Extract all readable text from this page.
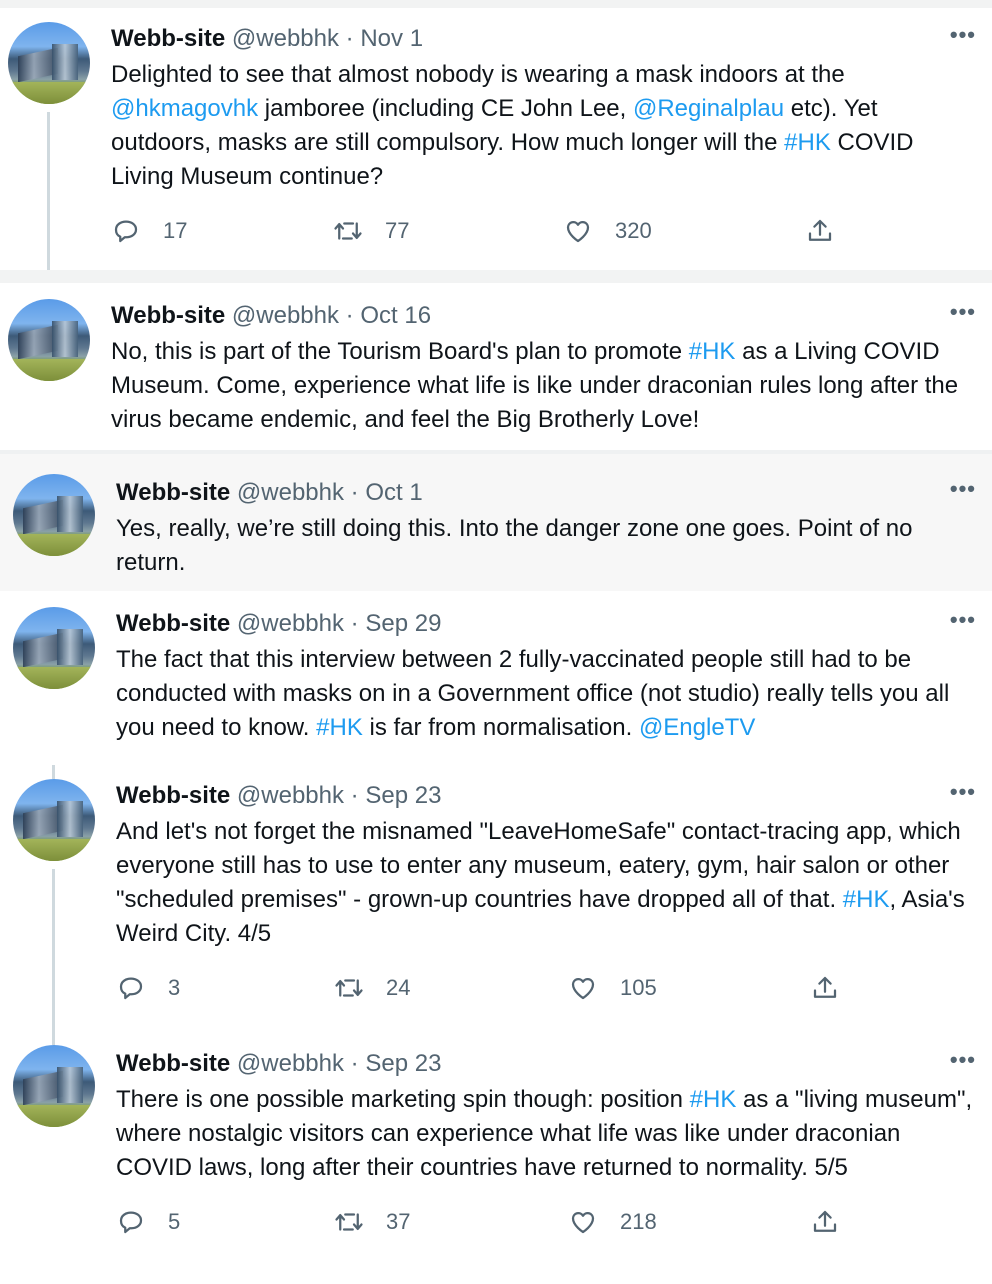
Webb-site @webbhk · Nov 1	•••
Delighted to see that almost nobody is wearing a mask indoors at the @hkmagovhk jamboree (including CE John Lee, @Reginalplau etc). Yet outdoors, masks are still compulsory. How much longer will the #HK COVID Living Museum continue?
17	77	320
Webb-site @webbhk · Oct 16	•••
No, this is part of the Tourism Board's plan to promote #HK as a Living COVID Museum. Come, experience what life is like under draconian rules long after the virus became endemic, and feel the Big Brotherly Love!
Webb-site @webbhk · Oct 1	•••
Yes, really, we’re still doing this. Into the danger zone one goes. Point of no return.
Webb-site @webbhk · Sep 29	•••
The fact that this interview between 2 fully-vaccinated people still had to be conducted with masks on in a Government office (not studio) really tells you all you need to know. #HK is far from normalisation. @EngleTV
Webb-site @webbhk · Sep 23	•••
And let's not forget the misnamed "LeaveHomeSafe" contact-tracing app, which everyone still has to use to enter any museum, eatery, gym, hair salon or other "scheduled premises" - grown-up countries have dropped all of that. #HK, Asia's Weird City. 4/5
3	24	105
Webb-site @webbhk · Sep 23	•••
There is one possible marketing spin though: position #HK as a "living museum", where nostalgic visitors can experience what life was like under draconian COVID laws, long after their countries have returned to normality. 5/5
5	37	218
